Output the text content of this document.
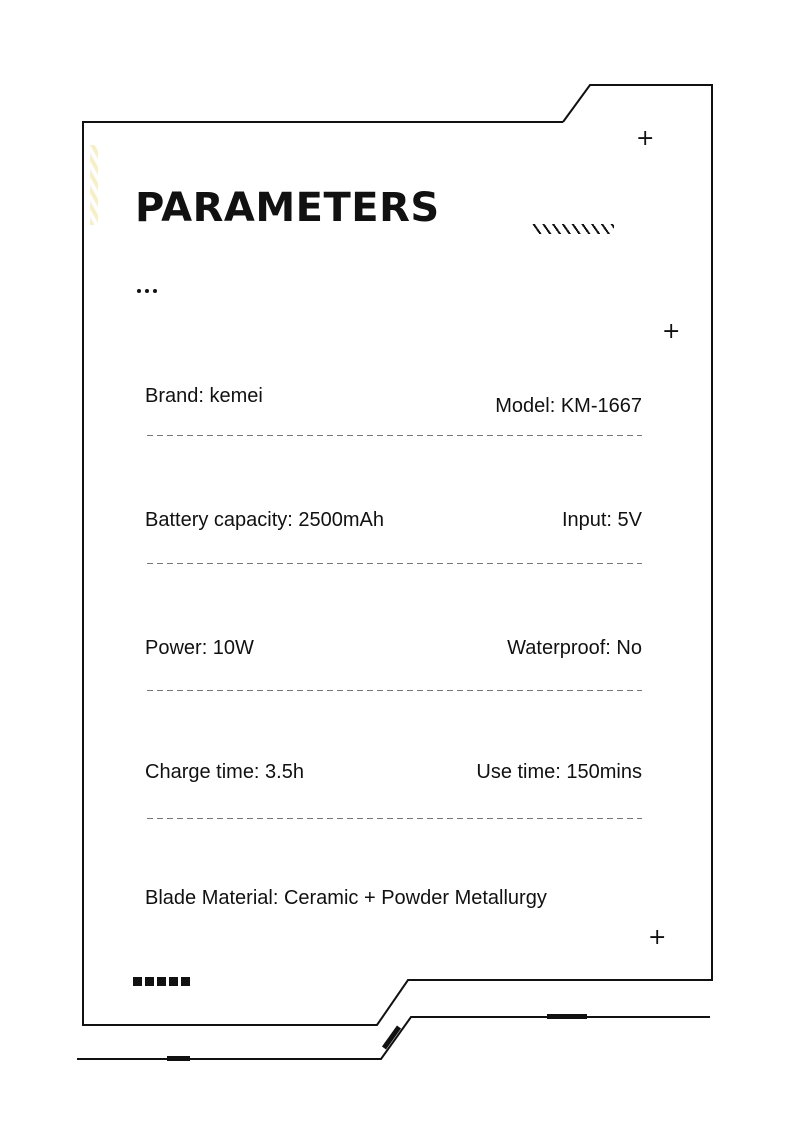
PARAMETERS
+
+
+
Brand: kemei	Model: KM-1667
Battery capacity: 2500mAh	Input: 5V
Power: 10W	Waterproof: No
Charge time: 3.5h	Use time: 150mins
Blade Material: Ceramic + Powder Metallurgy
